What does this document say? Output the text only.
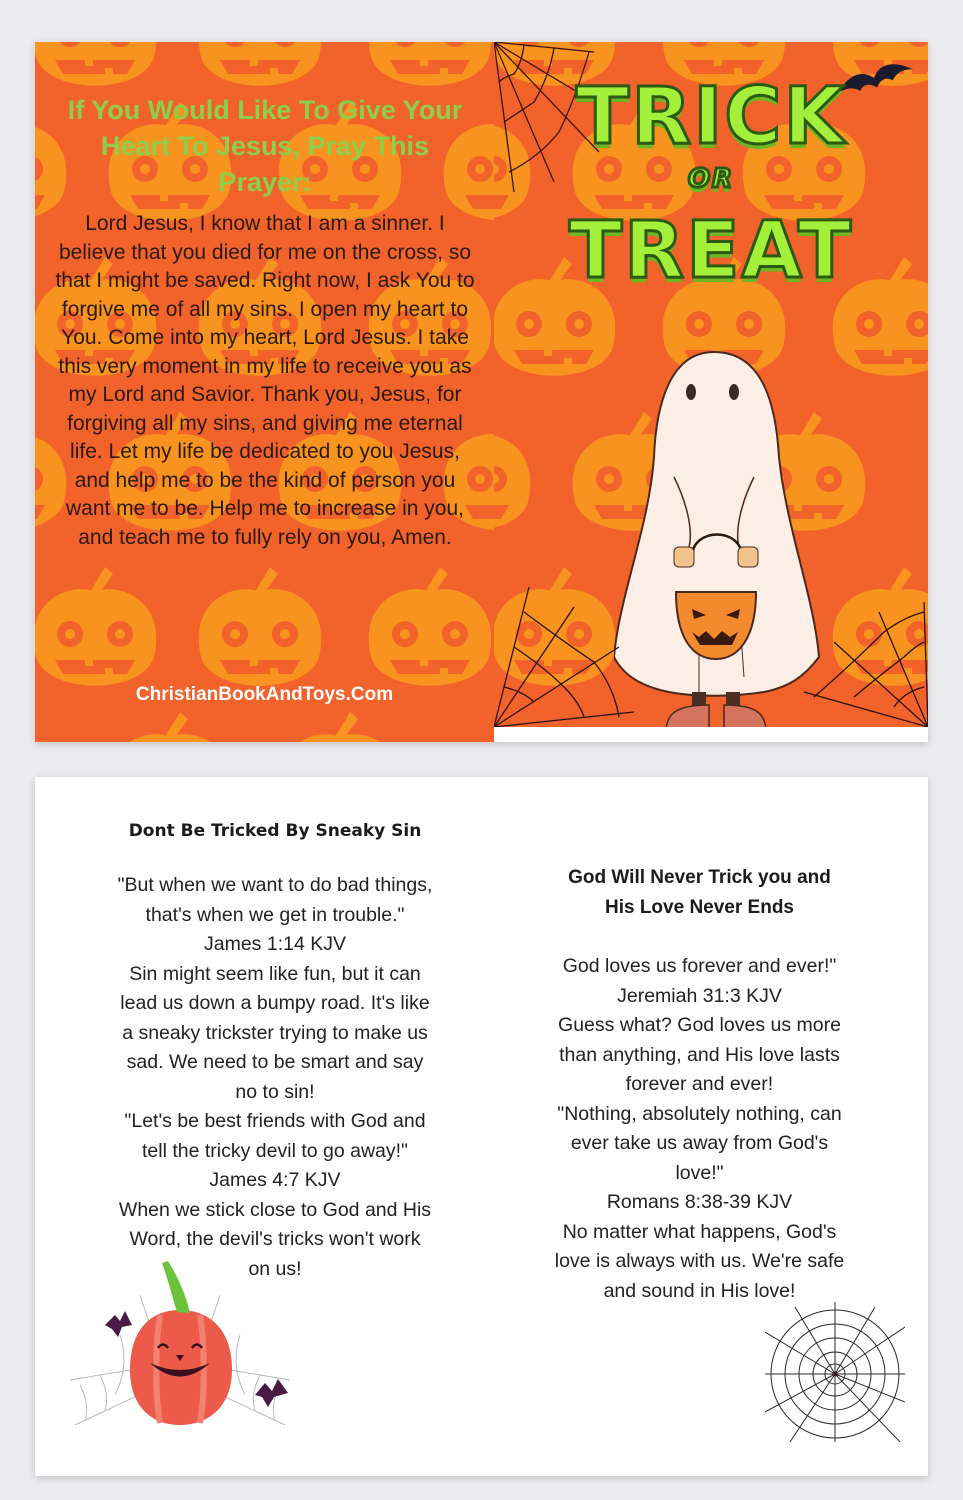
If You Would Like To Give Your Heart To Jesus, Pray This Prayer:
Lord Jesus, I know that I am a sinner. I believe that you died for me on the cross, so that I might be saved. Right now, I ask You to forgive me of all my sins. I open my heart to You. Come into my heart, Lord Jesus. I take this very moment in my life to receive you as my Lord and Savior. Thank you, Jesus, for forgiving all my sins, and giving me eternal life. Let my life be dedicated to you Jesus, and help me to be the kind of person you want me to be. Help me to increase in you, and teach me to fully rely on you, Amen.
ChristianBookAndToys.Com
TRICK
OR
TREAT
Dont Be Tricked By Sneaky Sin
"But when we want to do bad things,
that's when we get in trouble."
James 1:14 KJV
Sin might seem like fun, but it can
lead us down a bumpy road. It's like
a sneaky trickster trying to make us
sad. We need to be smart and say
no to sin!
"Let's be best friends with God and
tell the tricky devil to go away!"
James 4:7 KJV
When we stick close to God and His
Word, the devil's tricks won't work
on us!
God Will Never Trick you and
His Love Never Ends
God loves us forever and ever!"
Jeremiah 31:3 KJV
Guess what? God loves us more
than anything, and His love lasts
forever and ever!
"Nothing, absolutely nothing, can
ever take us away from God's
love!"
Romans 8:38-39 KJV
No matter what happens, God's
love is always with us. We're safe
and sound in His love!
